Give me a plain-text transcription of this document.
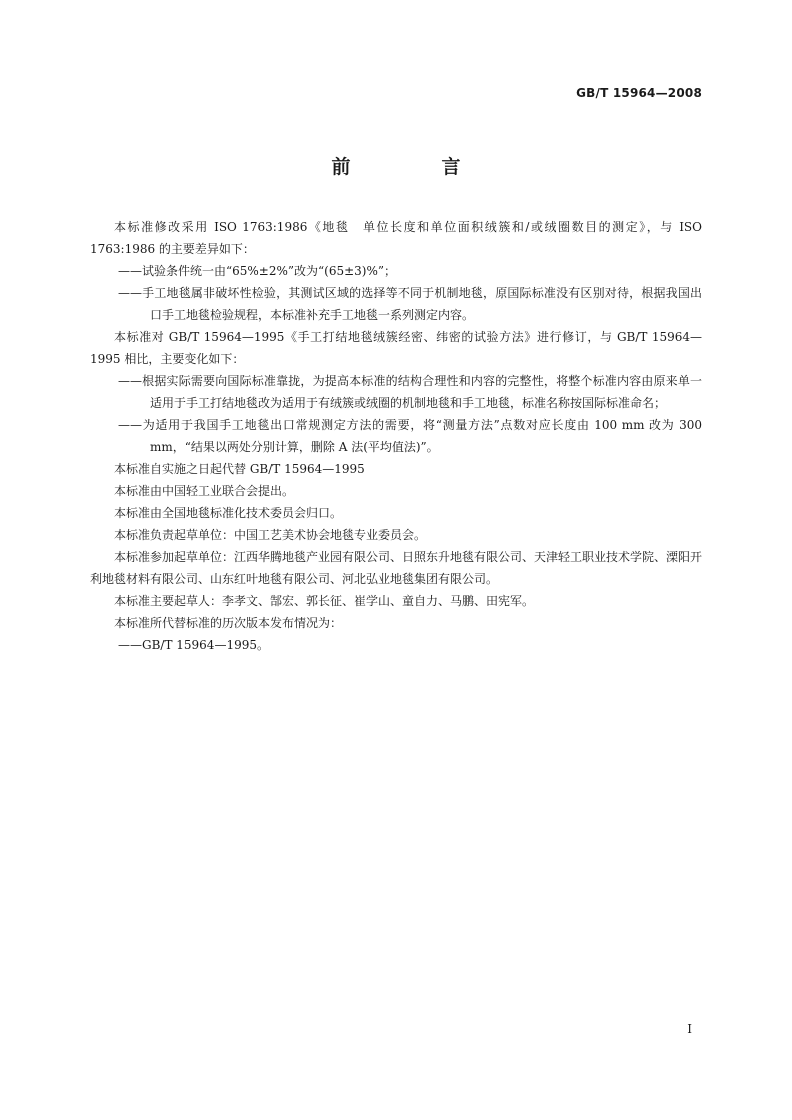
GB/T 15964—2008
前　言

本标准修改采用 ISO 1763:1986《地毯　单位长度和单位面积绒簇和/或绒圈数目的测定》，与 ISO 1763:1986 的主要差异如下：

——试验条件统一由“65%±2%”改为“(65±3)%”；

——手工地毯属非破坏性检验，其测试区域的选择等不同于机制地毯，原国际标准没有区别对待，根据我国出口手工地毯检验规程，本标准补充手工地毯一系列测定内容。

本标准对 GB/T 15964—1995《手工打结地毯绒簇经密、纬密的试验方法》进行修订，与 GB/T 15964—1995 相比，主要变化如下：

——根据实际需要向国际标准靠拢，为提高本标准的结构合理性和内容的完整性，将整个标准内容由原来单一适用于手工打结地毯改为适用于有绒簇或绒圈的机制地毯和手工地毯，标准名称按国际标准命名；

——为适用于我国手工地毯出口常规测定方法的需要，将“测量方法”点数对应长度由 100 mm 改为 300 mm，“结果以两处分别计算，删除 A 法(平均值法)”。

本标准自实施之日起代替 GB/T 15964—1995

本标准由中国轻工业联合会提出。

本标准由全国地毯标准化技术委员会归口。

本标准负责起草单位：中国工艺美术协会地毯专业委员会。

本标准参加起草单位：江西华腾地毯产业园有限公司、日照东升地毯有限公司、天津轻工职业技术学院、溧阳开利地毯材料有限公司、山东红叶地毯有限公司、河北弘业地毯集团有限公司。

本标准主要起草人：李孝文、郜宏、郭长征、崔学山、童自力、马鹏、田宪军。

本标准所代替标准的历次版本发布情况为：

——GB/T 15964—1995。

I
